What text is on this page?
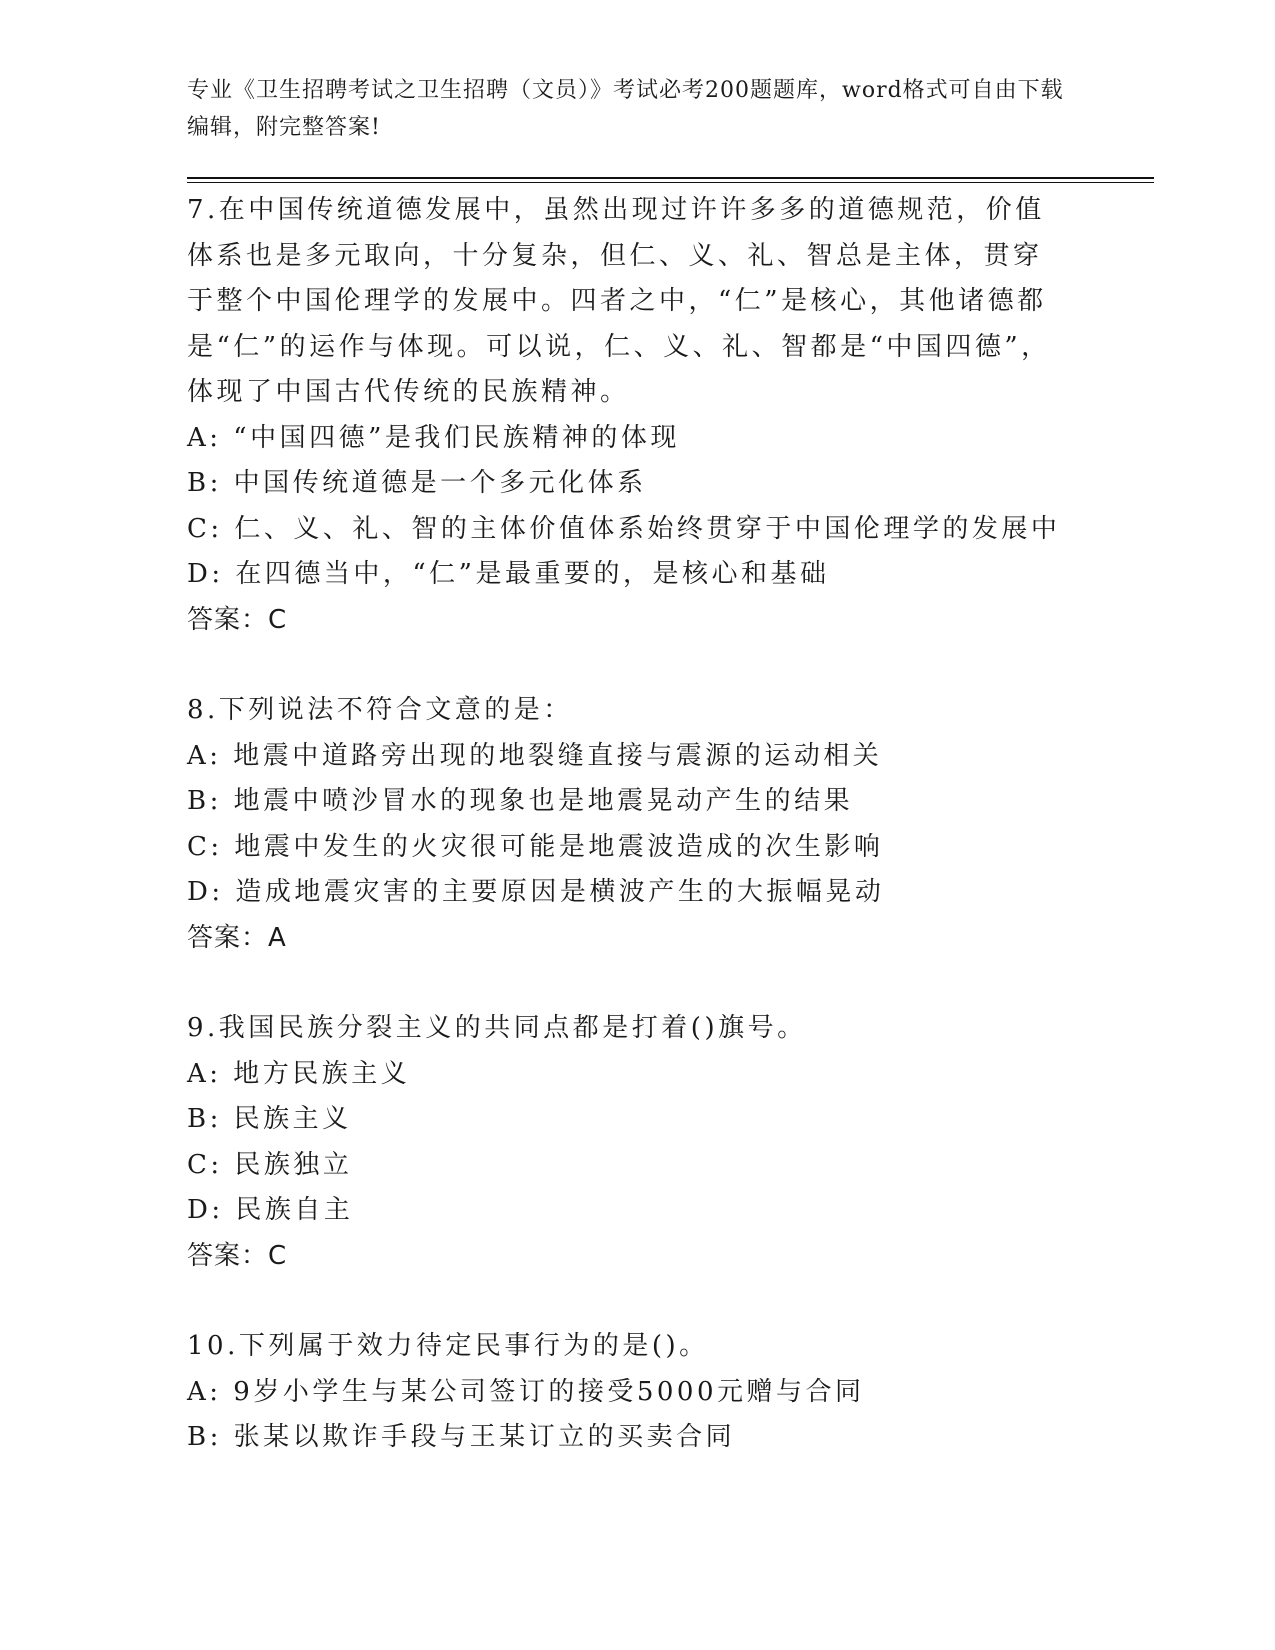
专业《卫生招聘考试之卫生招聘（文员）》考试必考200题题库，word格式可自由下载编辑，附完整答案!

7.在中国传统道德发展中，虽然出现过许许多多的道德规范，价值体系也是多元取向，十分复杂，但仁、义、礼、智总是主体，贯穿于整个中国伦理学的发展中。四者之中，“仁”是核心，其他诸德都是“仁”的运作与体现。可以说，仁、义、礼、智都是“中国四德”，体现了中国古代传统的民族精神。

A: “中国四德”是我们民族精神的体现

B: 中国传统道德是一个多元化体系

C: 仁、义、礼、智的主体价值体系始终贯穿于中国伦理学的发展中

D: 在四德当中，“仁”是最重要的，是核心和基础

答案：C

8.下列说法不符合文意的是：

A: 地震中道路旁出现的地裂缝直接与震源的运动相关

B: 地震中喷沙冒水的现象也是地震晃动产生的结果

C: 地震中发生的火灾很可能是地震波造成的次生影响

D: 造成地震灾害的主要原因是横波产生的大振幅晃动

答案：A

9.我国民族分裂主义的共同点都是打着()旗号。

A: 地方民族主义

B: 民族主义

C: 民族独立

D: 民族自主

答案：C

10.下列属于效力待定民事行为的是()。

A: 9岁小学生与某公司签订的接受5000元赠与合同

B: 张某以欺诈手段与王某订立的买卖合同
